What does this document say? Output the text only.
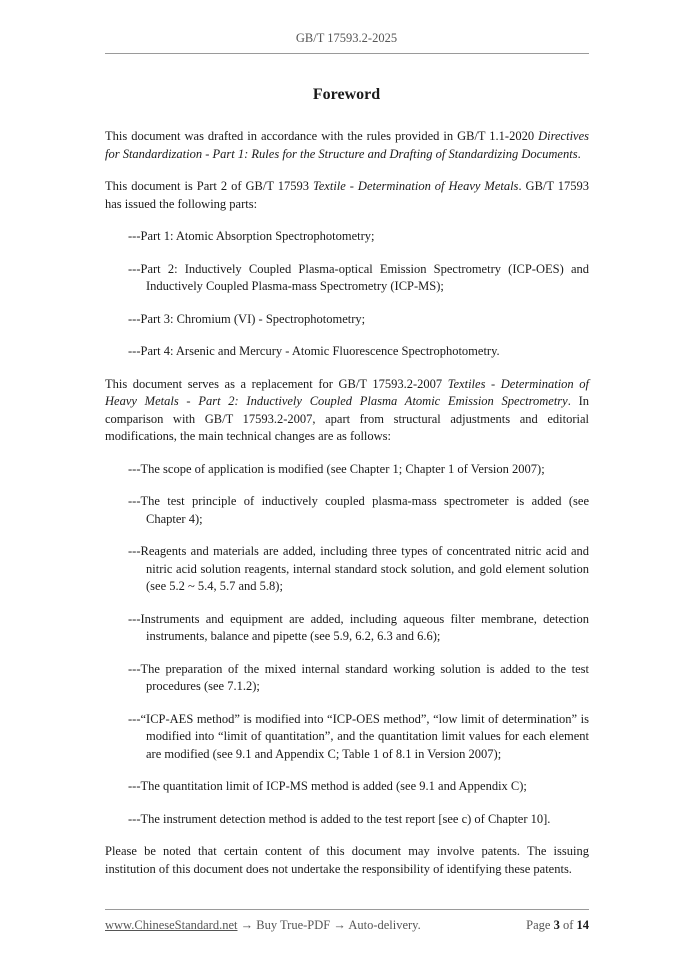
GB/T 17593.2-2025
Foreword

This document was drafted in accordance with the rules provided in GB/T 1.1-2020 Directives for Standardization - Part 1: Rules for the Structure and Drafting of Standardizing Documents.

This document is Part 2 of GB/T 17593 Textile - Determination of Heavy Metals. GB/T 17593 has issued the following parts:

---Part 1: Atomic Absorption Spectrophotometry;
---Part 2: Inductively Coupled Plasma-optical Emission Spectrometry (ICP-OES) and Inductively Coupled Plasma-mass Spectrometry (ICP-MS);
---Part 3: Chromium (VI) - Spectrophotometry;
---Part 4: Arsenic and Mercury - Atomic Fluorescence Spectrophotometry.

This document serves as a replacement for GB/T 17593.2-2007 Textiles - Determination of Heavy Metals - Part 2: Inductively Coupled Plasma Atomic Emission Spectrometry. In comparison with GB/T 17593.2-2007, apart from structural adjustments and editorial modifications, the main technical changes are as follows:

---The scope of application is modified (see Chapter 1; Chapter 1 of Version 2007);
---The test principle of inductively coupled plasma-mass spectrometer is added (see Chapter 4);
---Reagents and materials are added, including three types of concentrated nitric acid and nitric acid solution reagents, internal standard stock solution, and gold element solution (see 5.2 ~ 5.4, 5.7 and 5.8);
---Instruments and equipment are added, including aqueous filter membrane, detection instruments, balance and pipette (see 5.9, 6.2, 6.3 and 6.6);
---The preparation of the mixed internal standard working solution is added to the test procedures (see 7.1.2);
---“ICP-AES method” is modified into “ICP-OES method”, “low limit of determination” is modified into “limit of quantitation”, and the quantitation limit values for each element are modified (see 9.1 and Appendix C; Table 1 of 8.1 in Version 2007);
---The quantitation limit of ICP-MS method is added (see 9.1 and Appendix C);
---The instrument detection method is added to the test report [see c) of Chapter 10].

Please be noted that certain content of this document may involve patents. The issuing institution of this document does not undertake the responsibility of identifying these patents.

www.ChineseStandard.net → Buy True-PDF → Auto-delivery.	Page 3 of 14
